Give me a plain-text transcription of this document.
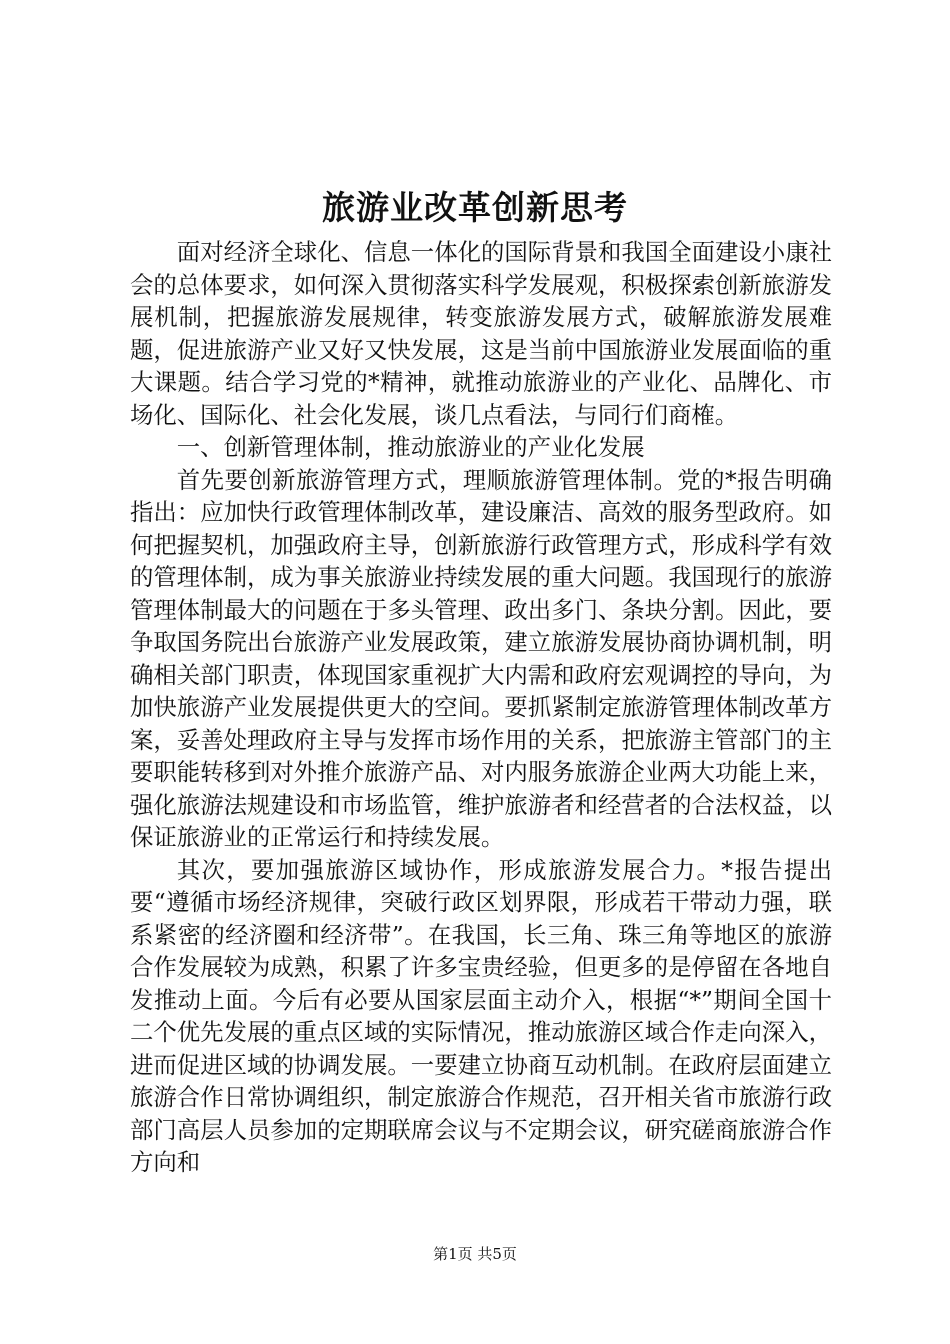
旅游业改革创新思考

面对经济全球化、信息一体化的国际背景和我国全面建设小康社会的总体要求，如何深入贯彻落实科学发展观，积极探索创新旅游发展机制，把握旅游发展规律，转变旅游发展方式，破解旅游发展难题，促进旅游产业又好又快发展，这是当前中国旅游业发展面临的重大课题。结合学习党的*精神，就推动旅游业的产业化、品牌化、市场化、国际化、社会化发展，谈几点看法，与同行们商榷。

一、创新管理体制，推动旅游业的产业化发展

首先要创新旅游管理方式，理顺旅游管理体制。党的*报告明确指出：应加快行政管理体制改革，建设廉洁、高效的服务型政府。如何把握契机，加强政府主导，创新旅游行政管理方式，形成科学有效的管理体制，成为事关旅游业持续发展的重大问题。我国现行的旅游管理体制最大的问题在于多头管理、政出多门、条块分割。因此，要争取国务院出台旅游产业发展政策，建立旅游发展协商协调机制，明确相关部门职责，体现国家重视扩大内需和政府宏观调控的导向，为加快旅游产业发展提供更大的空间。要抓紧制定旅游管理体制改革方案，妥善处理政府主导与发挥市场作用的关系，把旅游主管部门的主要职能转移到对外推介旅游产品、对内服务旅游企业两大功能上来，强化旅游法规建设和市场监管，维护旅游者和经营者的合法权益，以保证旅游业的正常运行和持续发展。

其次，要加强旅游区域协作，形成旅游发展合力。*报告提出要“遵循市场经济规律，突破行政区划界限，形成若干带动力强，联系紧密的经济圈和经济带”。在我国，长三角、珠三角等地区的旅游合作发展较为成熟，积累了许多宝贵经验，但更多的是停留在各地自发推动上面。今后有必要从国家层面主动介入，根据“*”期间全国十二个优先发展的重点区域的实际情况，推动旅游区域合作走向深入，进而促进区域的协调发展。一要建立协商互动机制。在政府层面建立旅游合作日常协调组织，制定旅游合作规范，召开相关省市旅游行政部门高层人员参加的定期联席会议与不定期会议，研究磋商旅游合作方向和

第1页 共5页
